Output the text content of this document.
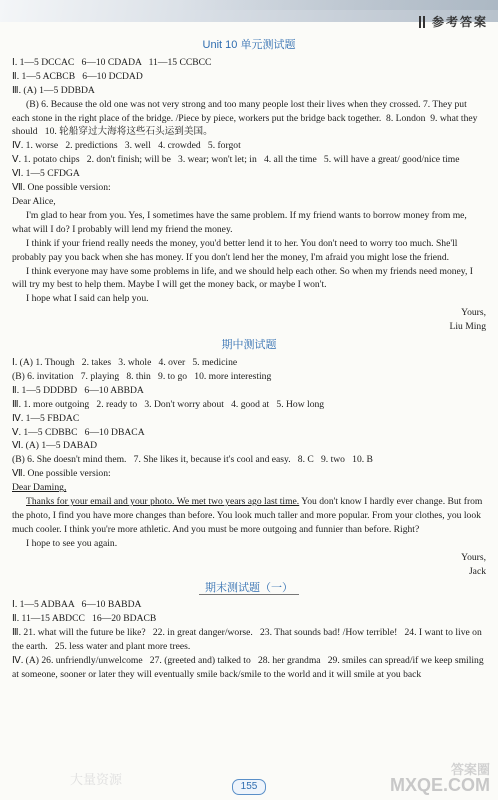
参考答案

Unit 10 单元测试题

Ⅰ. 1—5 DCCAC   6—10 CDADA   11—15 CCBCC

Ⅱ. 1—5 ACBCB   6—10 DCDAD

Ⅲ. (A) 1—5 DDBDA

(B) 6. Because the old one was not very strong and too many people lost their lives when they crossed. 7. They put each stone in the right place of the bridge. /Piece by piece, workers put the bridge back together.  8. London  9. what they should   10. 轮船穿过大海将这些石头运到美国。

Ⅳ. 1. worse   2. predictions   3. well   4. crowded   5. forgot

Ⅴ. 1. potato chips   2. don't finish; will be   3. wear; won't let; in   4. all the time   5. will have a great/ good/nice time

Ⅵ. 1—5 CFDGA

Ⅶ. One possible version:

Dear Alice,

I'm glad to hear from you. Yes, I sometimes have the same problem. If my friend wants to borrow money from me, what will I do? I probably will lend my friend the money.

I think if your friend really needs the money, you'd better lend it to her. You don't need to worry too much. She'll probably pay you back when she has money. If you don't lend her the money, I'm afraid you might lose the friend.

I think everyone may have some problems in life, and we should help each other. So when my friends need money, I will try my best to help them. Maybe I will get the money back, or maybe I won't.

I hope what I said can help you.

Yours,

Liu Ming

期中测试题

Ⅰ. (A) 1. Though   2. takes   3. whole   4. over   5. medicine

(B) 6. invitation   7. playing   8. thin   9. to go   10. more interesting

Ⅱ. 1—5 DDDBD   6—10 ABBDA

Ⅲ. 1. more outgoing   2. ready to   3. Don't worry about   4. good at   5. How long

Ⅳ. 1—5 FBDAC

Ⅴ. 1—5 CDBBC   6—10 DBACA

Ⅵ. (A) 1—5 DABAD

(B) 6. She doesn't mind them.   7. She likes it, because it's cool and easy.   8. C   9. two   10. B

Ⅶ. One possible version:

Dear Daming,

Thanks for your email and your photo. We met two years ago last time. You don't know I hardly ever change. But from the photo, I find you have more changes than before. You look much taller and more popular. From your clothes, you look much cooler. I think you're more athletic. And you must be more outgoing and funnier than before. Right?

I hope to see you again.

Yours,

Jack

期末测试题（一）

Ⅰ. 1—5 ADBAA   6—10 BABDA

Ⅱ. 11—15 ABDCC   16—20 BDACB

Ⅲ. 21. what will the future be like?   22. in great danger/worse.   23. That sounds bad! /How terrible!   24. I want to live on the earth.   25. less water and plant more trees.

Ⅳ. (A) 26. unfriendly/unwelcome   27. (greeted and) talked to   28. her grandma   29. smiles can spread/if we keep smiling at someone, sooner or later they will eventually smile back/smile to the world and it will smile at you back

155
大量资源
答案圈
MXQE.COM
